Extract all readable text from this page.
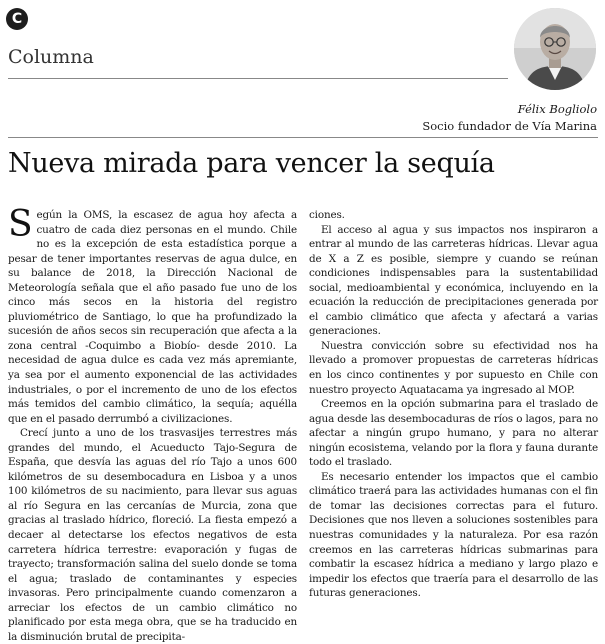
C
Columna
Félix Bogliolo
Socio fundador de Vía Marina
Nueva mirada para vencer la sequía

Según la OMS, la escasez de agua hoy afecta a cuatro de cada diez personas en el mundo. Chile no es la excepción de esta estadística porque a pesar de tener importantes reservas de agua dulce, en su balance de 2018, la Dirección Nacional de Meteorología señala que el año pasado fue uno de los cinco más secos en la historia del registro pluviométrico de Santiago, lo que ha profundizado la sucesión de años secos sin recuperación que afecta a la zona central -Coquimbo a Biobío- desde 2010. La necesidad de agua dulce es cada vez más apremiante, ya sea por el aumento exponencial de las actividades industriales, o por el incremento de uno de los efectos más temidos del cambio climático, la sequía; aquélla que en el pasado derrumbó a civilizaciones.

Crecí junto a uno de los trasvasijes terrestres más grandes del mundo, el Acueducto Tajo-Segura de España, que desvía las aguas del río Tajo a unos 600 kilómetros de su desembocadura en Lisboa y a unos 100 kilómetros de su nacimiento, para llevar sus aguas al río Segura en las cercanías de Murcia, zona que gracias al traslado hídrico, floreció. La fiesta empezó a decaer al detectarse los efectos negativos de esta carretera hídrica terrestre: evaporación y fugas de trayecto; transformación salina del suelo donde se toma el agua; traslado de contaminantes y especies invasoras. Pero principalmente cuando comenzaron a arreciar los efectos de un cambio climático no planificado por esta mega obra, que se ha traducido en la disminución brutal de precipita-

ciones.

El acceso al agua y sus impactos nos inspiraron a entrar al mundo de las carreteras hídricas. Llevar agua de X a Z es posible, siempre y cuando se reúnan condiciones indispensables para la sustentabilidad social, medioambiental y económica, incluyendo en la ecuación la reducción de precipitaciones generada por el cambio climático que afecta y afectará a varias generaciones.

Nuestra convicción sobre su efectividad nos ha llevado a promover propuestas de carreteras hídricas en los cinco continentes y por supuesto en Chile con nuestro proyecto Aquatacama ya ingresado al MOP.

Creemos en la opción submarina para el traslado de agua desde las desembocaduras de ríos o lagos, para no afectar a ningún grupo humano, y para no alterar ningún ecosistema, velando por la flora y fauna durante todo el traslado.

Es necesario entender los impactos que el cambio climático traerá para las actividades humanas con el fin de tomar las decisiones correctas para el futuro. Decisiones que nos lleven a soluciones sostenibles para nuestras comunidades y la naturaleza. Por esa razón creemos en las carreteras hídricas submarinas para combatir la escasez hídrica a mediano y largo plazo e impedir los efectos que traería para el desarrollo de las futuras generaciones.
